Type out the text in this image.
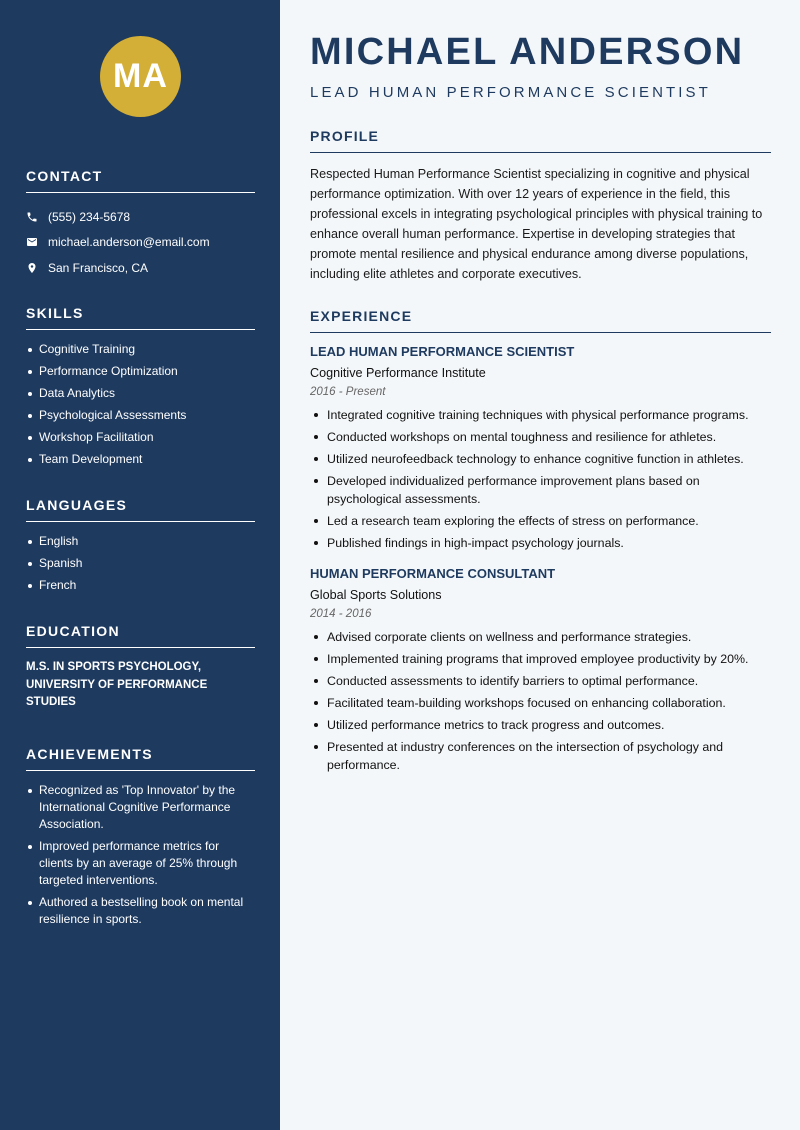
MA
CONTACT
(555) 234-5678
michael.anderson@email.com
San Francisco, CA
SKILLS
Cognitive Training
Performance Optimization
Data Analytics
Psychological Assessments
Workshop Facilitation
Team Development
LANGUAGES
English
Spanish
French
EDUCATION
M.S. IN SPORTS PSYCHOLOGY, UNIVERSITY OF PERFORMANCE STUDIES
ACHIEVEMENTS
Recognized as 'Top Innovator' by the International Cognitive Performance Association.
Improved performance metrics for clients by an average of 25% through targeted interventions.
Authored a bestselling book on mental resilience in sports.
MICHAEL ANDERSON
LEAD HUMAN PERFORMANCE SCIENTIST
PROFILE

Respected Human Performance Scientist specializing in cognitive and physical performance optimization. With over 12 years of experience in the field, this professional excels in integrating psychological principles with physical training to enhance overall human performance. Expertise in developing strategies that promote mental resilience and physical endurance among diverse populations, including elite athletes and corporate executives.

EXPERIENCE
LEAD HUMAN PERFORMANCE SCIENTIST
Cognitive Performance Institute
2016 - Present
Integrated cognitive training techniques with physical performance programs.
Conducted workshops on mental toughness and resilience for athletes.
Utilized neurofeedback technology to enhance cognitive function in athletes.
Developed individualized performance improvement plans based on psychological assessments.
Led a research team exploring the effects of stress on performance.
Published findings in high-impact psychology journals.
HUMAN PERFORMANCE CONSULTANT
Global Sports Solutions
2014 - 2016
Advised corporate clients on wellness and performance strategies.
Implemented training programs that improved employee productivity by 20%.
Conducted assessments to identify barriers to optimal performance.
Facilitated team-building workshops focused on enhancing collaboration.
Utilized performance metrics to track progress and outcomes.
Presented at industry conferences on the intersection of psychology and performance.
